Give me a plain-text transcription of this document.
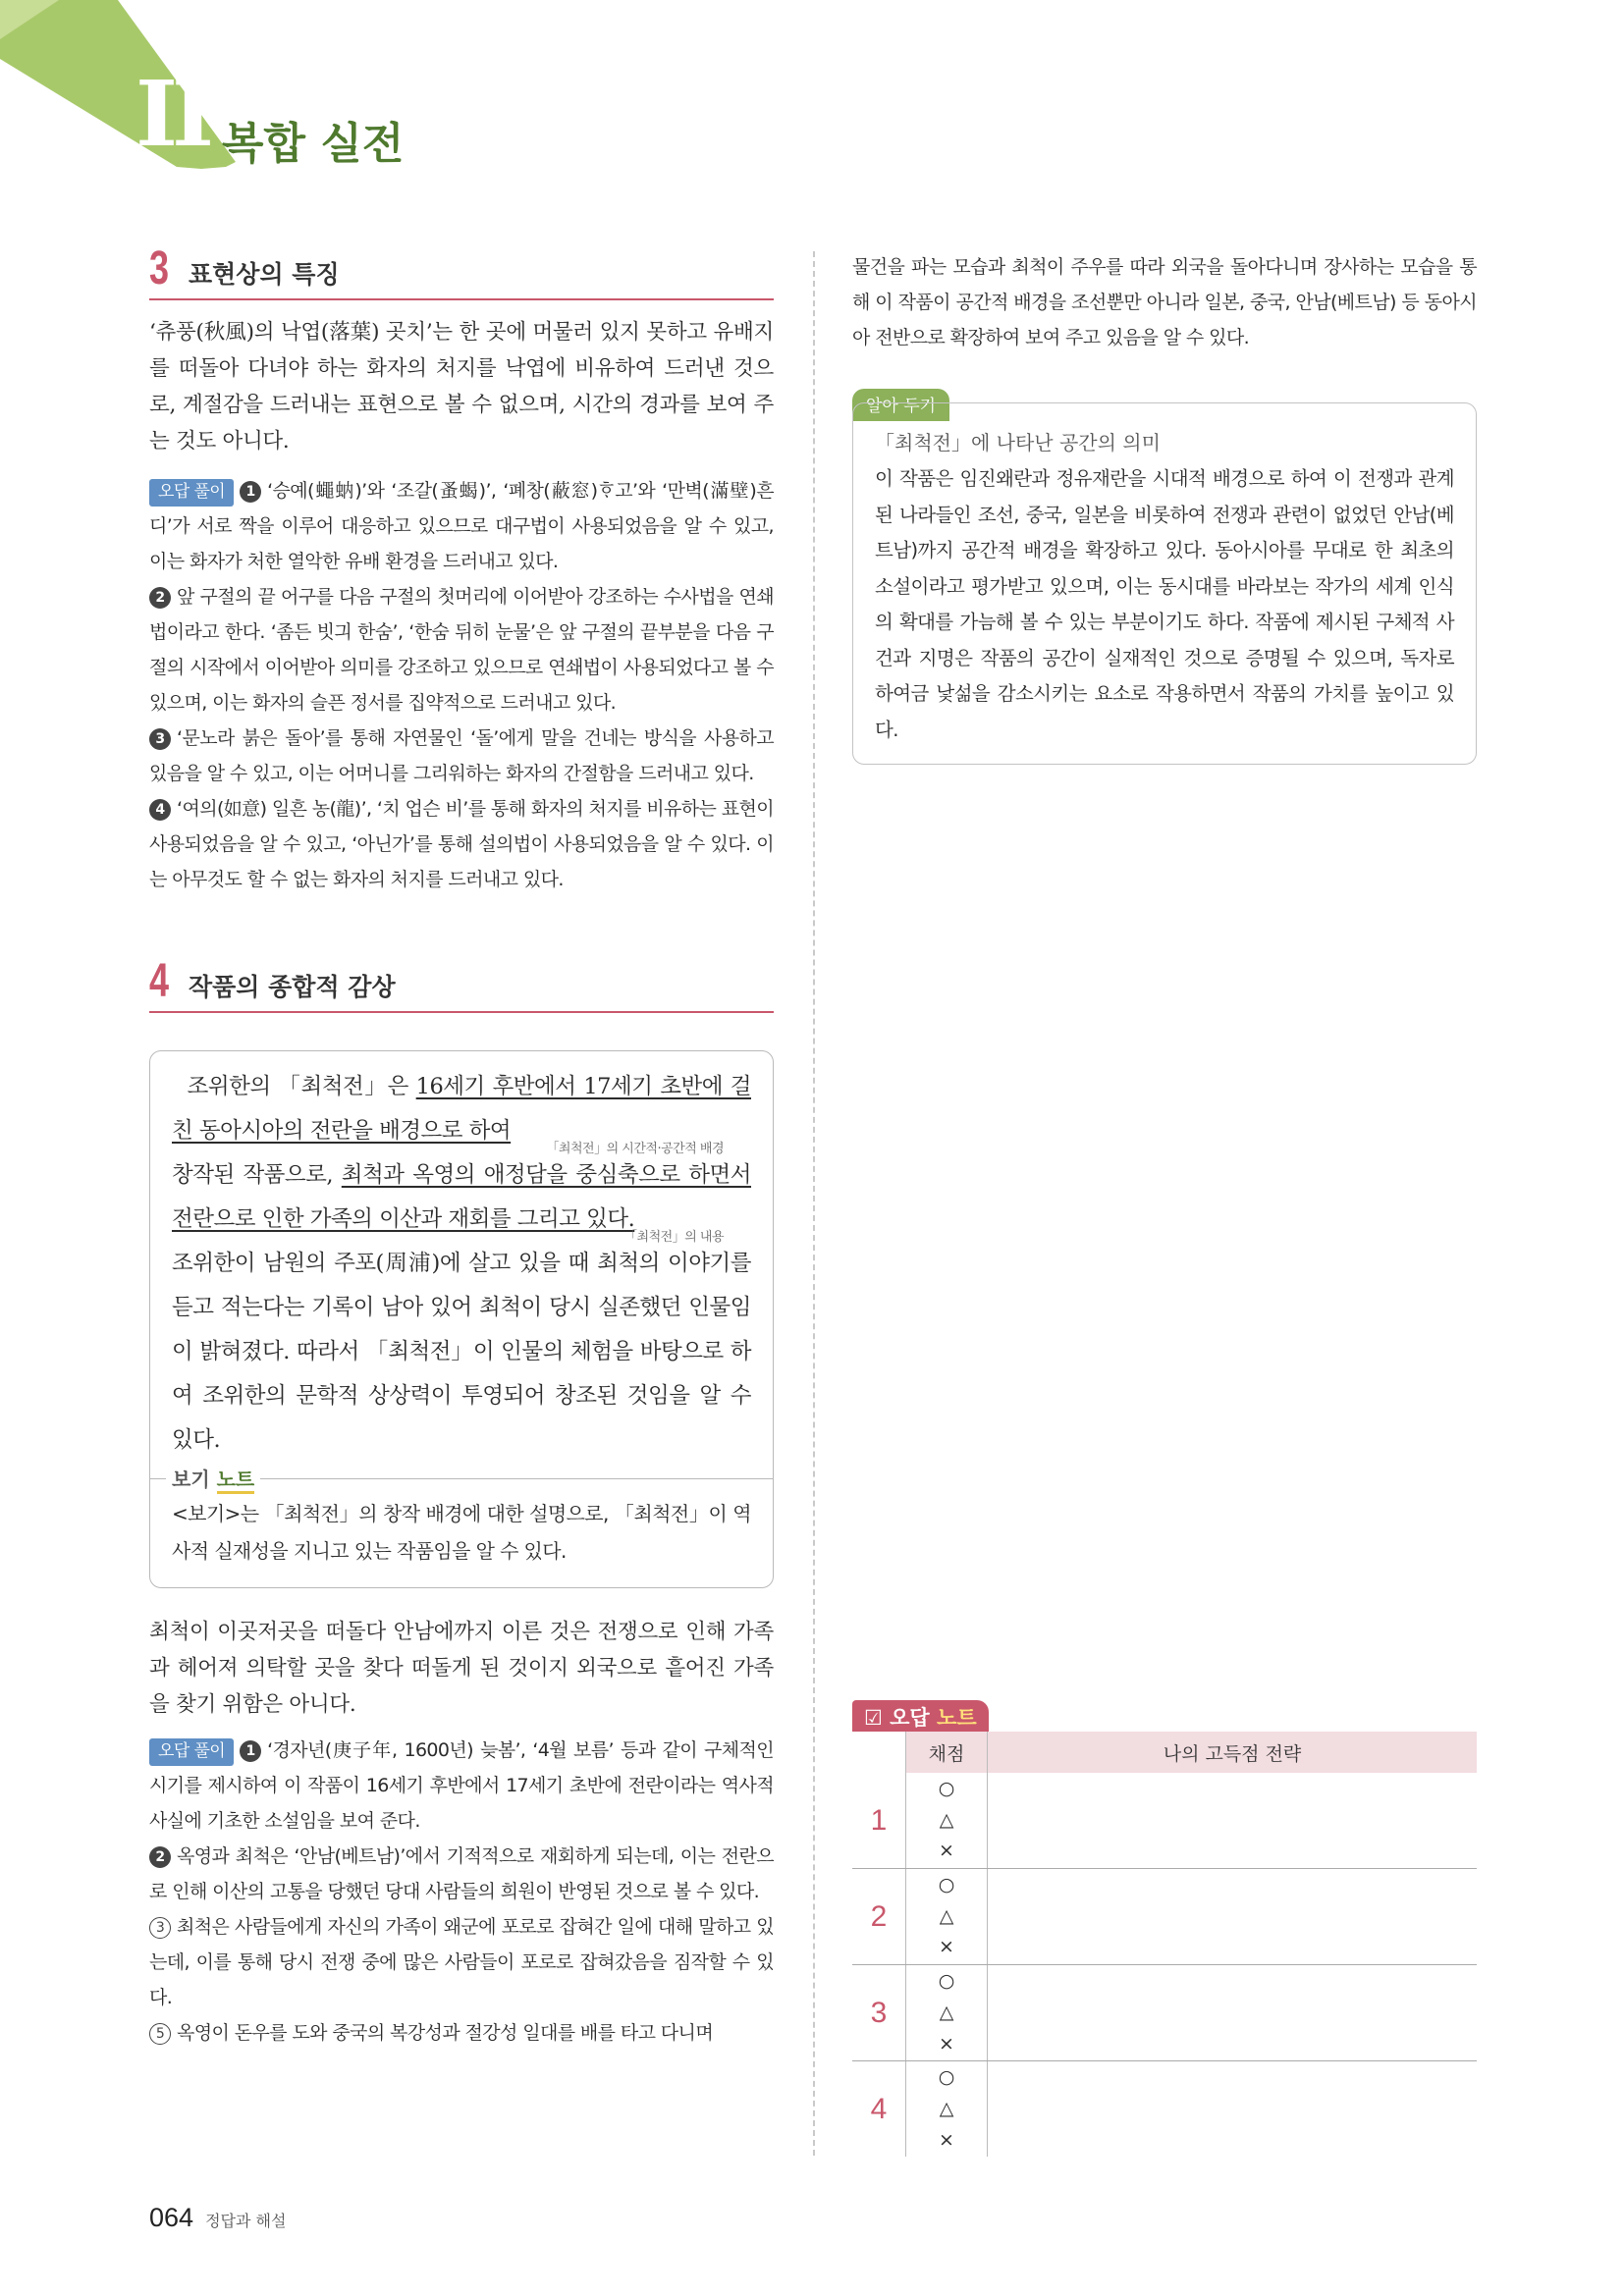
II 복합 실전
3 표현상의 특징

‘츄풍(秋風)의 낙엽(落葉) 곳치’는 한 곳에 머물러 있지 못하고 유배지를 떠돌아 다녀야 하는 화자의 처지를 낙엽에 비유하여 드러낸 것으로, 계절감을 드러내는 표현으로 볼 수 없으며, 시간의 경과를 보여 주는 것도 아니다.

오답 풀이 1 ‘승예(蠅蚋)’와 ‘조갈(蚤蝎)’, ‘폐창(蔽窓)ᄒᆞ고’와 ‘만벽(滿壁)흔디’가 서로 짝을 이루어 대응하고 있으므로 대구법이 사용되었음을 알 수 있고, 이는 화자가 처한 열악한 유배 환경을 드러내고 있다.

2 앞 구절의 끝 어구를 다음 구절의 첫머리에 이어받아 강조하는 수사법을 연쇄법이라고 한다. ‘좀든 빗긔 한숨’, ‘한숨 뒤히 눈물’은 앞 구절의 끝부분을 다음 구절의 시작에서 이어받아 의미를 강조하고 있으므로 연쇄법이 사용되었다고 볼 수 있으며, 이는 화자의 슬픈 정서를 집약적으로 드러내고 있다.

3 ‘문노라 붉은 돌아’를 통해 자연물인 ‘돌’에게 말을 건네는 방식을 사용하고 있음을 알 수 있고, 이는 어머니를 그리워하는 화자의 간절함을 드러내고 있다.

4 ‘여의(如意) 일흔 농(龍)’, ‘치 업슨 비’를 통해 화자의 처지를 비유하는 표현이 사용되었음을 알 수 있고, ‘아닌가’를 통해 설의법이 사용되었음을 알 수 있다. 이는 아무것도 할 수 없는 화자의 처지를 드러내고 있다.

4 작품의 종합적 감상

조위한의 「최척전」은 16세기 후반에서 17세기 초반에 걸친 동아시아의 전란을 배경으로 하여
「최척전」의 시간적·공간적 배경
창작된 작품으로, 최척과 옥영의 애정담을 중심축으로 하면서 전란으로 인한 가족의 이산과 재회를 그리고 있다.
「최척전」의 내용
조위한이 남원의 주포(周浦)에 살고 있을 때 최척의 이야기를 듣고 적는다는 기록이 남아 있어 최척이 당시 실존했던 인물임이 밝혀졌다. 따라서 「최척전」이 인물의 체험을 바탕으로 하여 조위한의 문학적 상상력이 투영되어 창조된 것임을 알 수 있다.

보기 노트

<보기>는 「최척전」의 창작 배경에 대한 설명으로, 「최척전」이 역사적 실재성을 지니고 있는 작품임을 알 수 있다.

최척이 이곳저곳을 떠돌다 안남에까지 이른 것은 전쟁으로 인해 가족과 헤어져 의탁할 곳을 찾다 떠돌게 된 것이지 외국으로 흩어진 가족을 찾기 위함은 아니다.

오답 풀이 1 ‘경자년(庚子年, 1600년) 늦봄’, ‘4월 보름’ 등과 같이 구체적인 시기를 제시하여 이 작품이 16세기 후반에서 17세기 초반에 전란이라는 역사적 사실에 기초한 소설임을 보여 준다.

2 옥영과 최척은 ‘안남(베트남)’에서 기적적으로 재회하게 되는데, 이는 전란으로 인해 이산의 고통을 당했던 당대 사람들의 희원이 반영된 것으로 볼 수 있다.

3 최척은 사람들에게 자신의 가족이 왜군에 포로로 잡혀간 일에 대해 말하고 있는데, 이를 통해 당시 전쟁 중에 많은 사람들이 포로로 잡혀갔음을 짐작할 수 있다.

5 옥영이 돈우를 도와 중국의 복강성과 절강성 일대를 배를 타고 다니며

물건을 파는 모습과 최척이 주우를 따라 외국을 돌아다니며 장사하는 모습을 통해 이 작품이 공간적 배경을 조선뿐만 아니라 일본, 중국, 안남(베트남) 등 동아시아 전반으로 확장하여 보여 주고 있음을 알 수 있다.

알아 두기

「최척전」에 나타난 공간의 의미

이 작품은 임진왜란과 정유재란을 시대적 배경으로 하여 이 전쟁과 관계된 나라들인 조선, 중국, 일본을 비롯하여 전쟁과 관련이 없었던 안남(베트남)까지 공간적 배경을 확장하고 있다. 동아시아를 무대로 한 최초의 소설이라고 평가받고 있으며, 이는 동시대를 바라보는 작가의 세계 인식의 확대를 가늠해 볼 수 있는 부분이기도 하다. 작품에 제시된 구체적 사건과 지명은 작품의 공간이 실재적인 것으로 증명될 수 있으며, 독자로 하여금 낯섦을 감소시키는 요소로 작용하면서 작품의 가치를 높이고 있다.

☑ 오답 노트
	채점	나의 고득점 전략
1	○
△
×	

2	○
△
×	

3	○
△
×	

4	○
△
×	

064 정답과 해설
